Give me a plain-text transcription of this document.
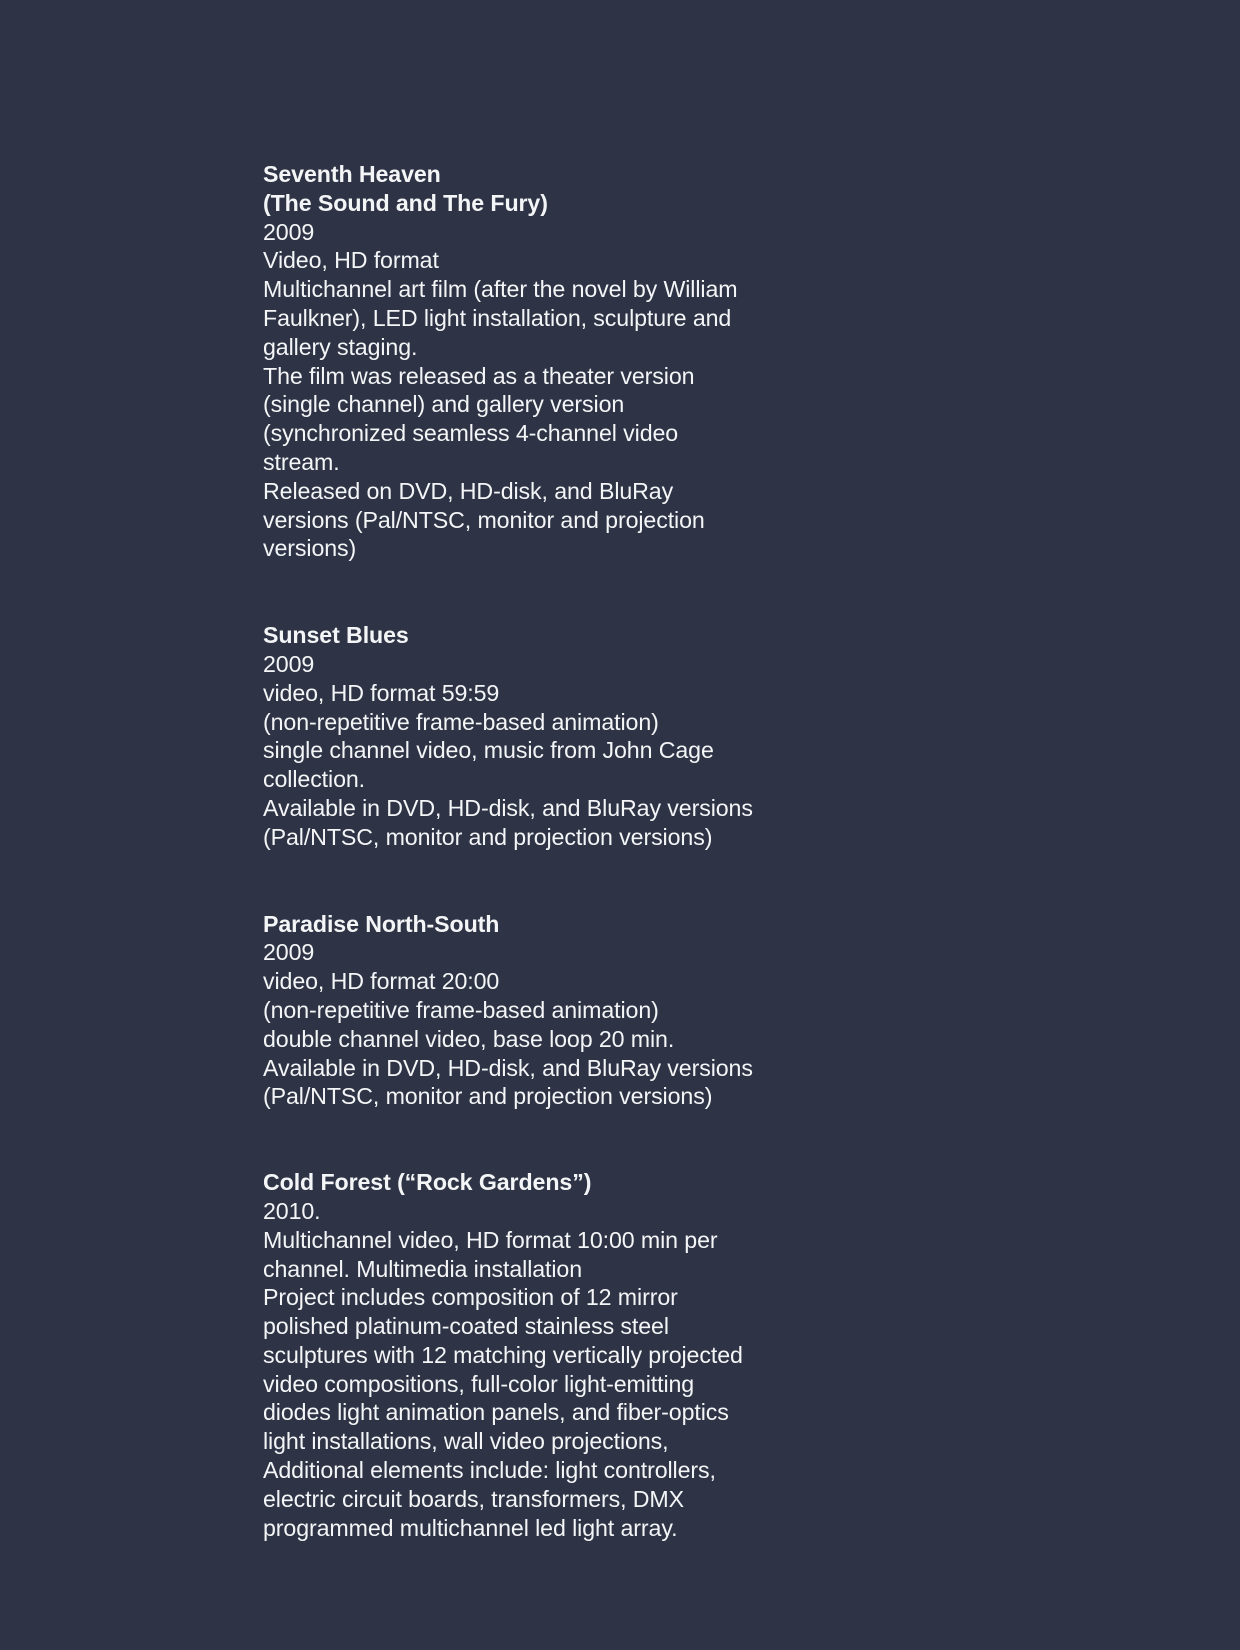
Seventh Heaven
(The Sound and The Fury)
2009
Video, HD format
Multichannel art film (after the novel by William
Faulkner), LED light installation, sculpture and
gallery staging.
The film was released as a theater version
(single channel) and gallery version
(synchronized seamless 4-channel video
stream.
Released on DVD, HD-disk, and BluRay
versions (Pal/NTSC, monitor and projection
versions)
Sunset Blues
2009
video, HD format 59:59
(non-repetitive frame-based animation)
single channel video, music from John Cage
collection.
Available in DVD, HD-disk, and BluRay versions
(Pal/NTSC, monitor and projection versions)
Paradise North-South
2009
video, HD format 20:00
(non-repetitive frame-based animation)
double channel video, base loop 20 min.
Available in DVD, HD-disk, and BluRay versions
(Pal/NTSC, monitor and projection versions)
Cold Forest (“Rock Gardens”)
2010.
Multichannel video, HD format 10:00 min per
channel. Multimedia installation
Project includes composition of 12 mirror
polished platinum-coated stainless steel
sculptures with 12 matching vertically projected
video compositions, full-color light-emitting
diodes light animation panels, and fiber-optics
light installations, wall video projections,
Additional elements include: light controllers,
electric circuit boards, transformers, DMX
programmed multichannel led light array.
